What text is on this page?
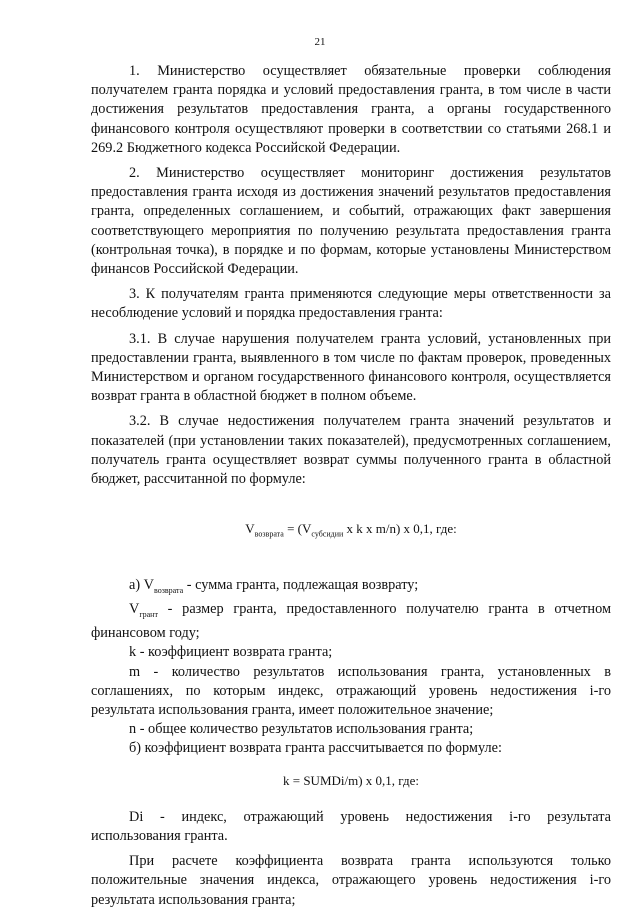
21

1. Министерство осуществляет обязательные проверки соблюдения получателем гранта порядка и условий предоставления гранта, в том числе в части достижения результатов предоставления гранта, а органы государственного финансового контроля осуществляют проверки в соответствии со статьями 268.1 и 269.2 Бюджетного кодекса Российской Федерации.

2. Министерство осуществляет мониторинг достижения результатов предоставления гранта исходя из достижения значений результатов предоставления гранта, определенных соглашением, и событий, отражающих факт завершения соответствующего мероприятия по получению результата предоставления гранта (контрольная точка), в порядке и по формам, которые установлены Министерством финансов Российской Федерации.

3. К получателям гранта применяются следующие меры ответственности за несоблюдение условий и порядка предоставления гранта:

3.1. В случае нарушения получателем гранта условий, установленных при предоставлении гранта, выявленного в том числе по фактам проверок, проведенных Министерством и органом государственного финансового контроля, осуществляется возврат гранта в областной бюджет в полном объеме.

3.2. В случае недостижения получателем гранта значений результатов и показателей (при установлении таких показателей), предусмотренных соглашением, получатель гранта осуществляет возврат суммы полученного гранта в областной бюджет, рассчитанной по формуле:

$V_{возврата} = (V_{субсидии}$ x k x m/n) x 0,1, где:

а) $V_{возврата}$ - сумма гранта, подлежащая возврату;

$V_{грант}$ - размер гранта, предоставленного получателю гранта в отчетном финансовом году;

k - коэффициент возврата гранта;

m - количество результатов использования гранта, установленных в соглашениях, по которым индекс, отражающий уровень недостижения i-го результата использования гранта, имеет положительное значение;

n - общее количество результатов использования гранта;

б) коэффициент возврата гранта рассчитывается по формуле:

k = SUMDi/m) x 0,1, где:

Di - индекс, отражающий уровень недостижения i-го результата использования гранта.

При расчете коэффициента возврата гранта используются только положительные значения индекса, отражающего уровень недостижения i-го результата использования гранта;
